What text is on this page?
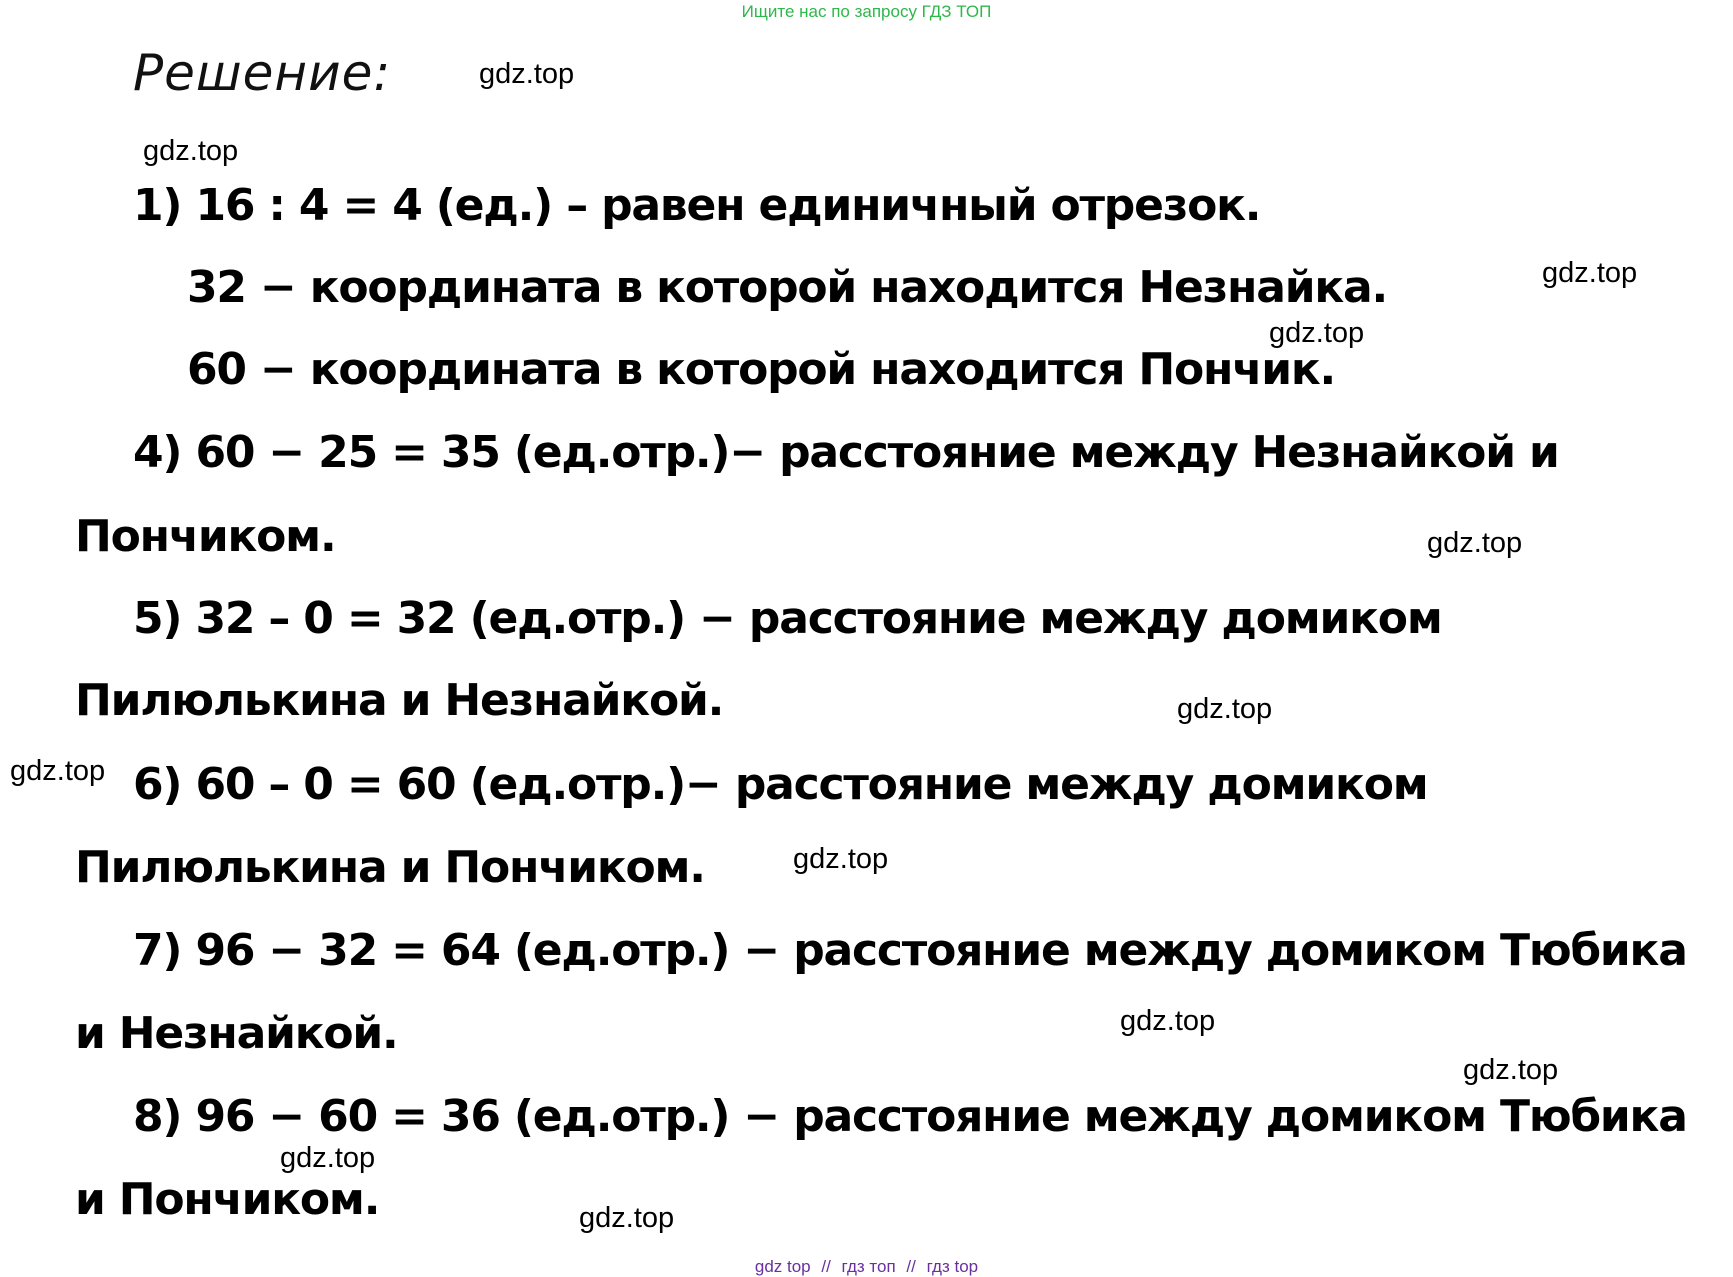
Ищите нас по запросу ГДЗ ТОП
Решение:
1) 16 : 4 = 4 (ед.) – равен единичный отрезок.
32 − координата в которой находится Незнайка.
60 − координата в которой находится Пончик.
4) 60 − 25 = 35 (ед.отр.)− расстояние между Незнайкой и
Пончиком.
5) 32 – 0 = 32 (ед.отр.) − расстояние между домиком
Пилюлькина и Незнайкой.
6) 60 – 0 = 60 (ед.отр.)− расстояние между домиком
Пилюлькина и Пончиком.
7) 96 − 32 = 64 (ед.отр.) − расстояние между домиком Тюбика
и Незнайкой.
8) 96 − 60 = 36 (ед.отр.) − расстояние между домиком Тюбика
и Пончиком.
gdz.top
gdz.top
gdz.top
gdz.top
gdz.top
gdz.top
gdz.top
gdz.top
gdz.top
gdz.top
gdz.top
gdz.top
gdz top // гдз топ // гдз top
